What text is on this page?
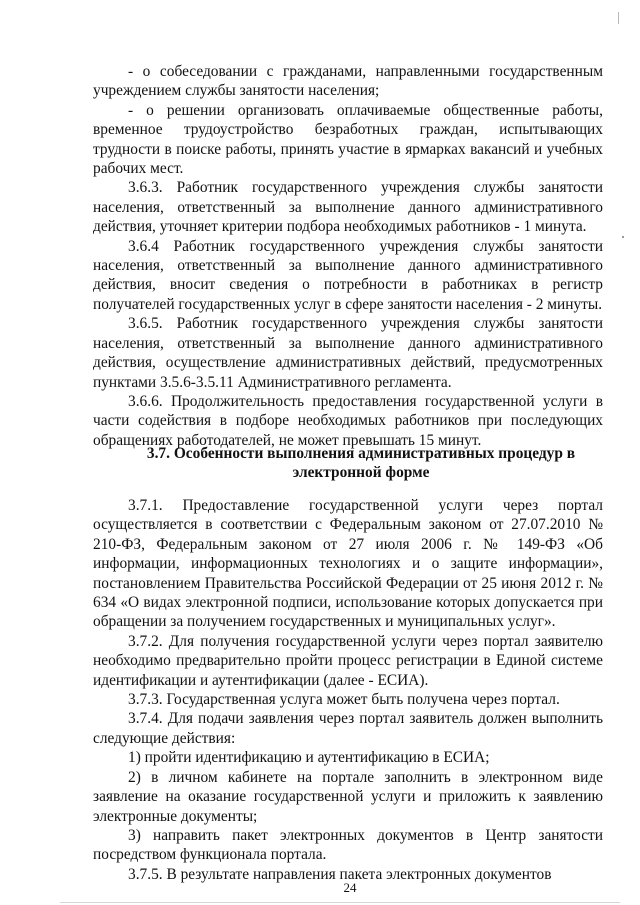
- о собеседовании с гражданами, направленными государственным учреждением службы занятости населения;

- о решении организовать оплачиваемые общественные работы, временное трудоустройство безработных граждан, испытывающих трудности в поиске работы, принять участие в ярмарках вакансий и учебных рабочих мест.

3.6.3. Работник государственного учреждения службы занятости населения, ответственный за выполнение данного административного действия, уточняет критерии подбора необходимых работников - 1 минута.

3.6.4 Работник государственного учреждения службы занятости населения, ответственный за выполнение данного административного действия, вносит сведения о потребности в работниках в регистр получателей государственных услуг в сфере занятости населения - 2 минуты.

3.6.5. Работник государственного учреждения службы занятости населения, ответственный за выполнение данного административного действия, осуществление административных действий, предусмотренных пунктами 3.5.6-3.5.11 Административного регламента.

3.6.6. Продолжительность предоставления государственной услуги в части содействия в подборе необходимых работников при последующих обращениях работодателей, не может превышать 15 минут.

3.7. Особенности выполнения административных процедур в
электронной форме

3.7.1. Предоставление государственной услуги через портал осуществляется в соответствии с Федеральным законом от 27.07.2010 № 210-ФЗ, Федеральным законом от 27 июля 2006 г. № 149-ФЗ «Об информации, информационных технологиях и о защите информации», постановлением Правительства Российской Федерации от 25 июня 2012 г. № 634 «О видах электронной подписи, использование которых допускается при обращении за получением государственных и муниципальных услуг».

3.7.2. Для получения государственной услуги через портал заявителю необходимо предварительно пройти процесс регистрации в Единой системе идентификации и аутентификации (далее - ЕСИА).

3.7.3. Государственная услуга может быть получена через портал.

3.7.4. Для подачи заявления через портал заявитель должен выполнить следующие действия:

1) пройти идентификацию и аутентификацию в ЕСИА;

2) в личном кабинете на портале заполнить в электронном виде заявление на оказание государственной услуги и приложить к заявлению электронные документы;

3) направить пакет электронных документов в Центр занятости посредством функционала портала.

3.7.5. В результате направления пакета электронных документов

24
